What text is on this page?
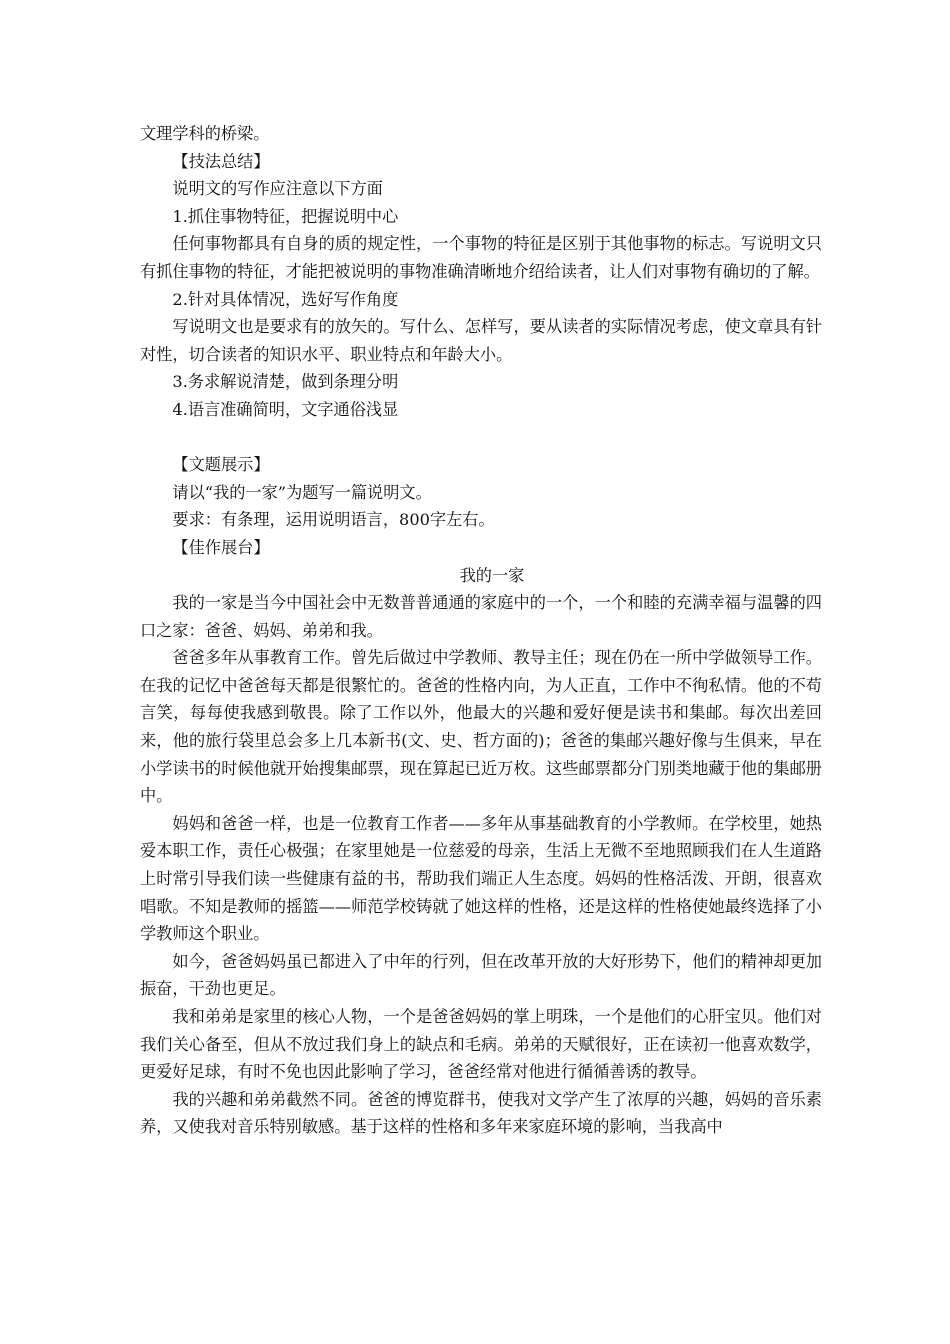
文理学科的桥梁。

【技法总结】

说明文的写作应注意以下方面

1.抓住事物特征，把握说明中心

任何事物都具有自身的质的规定性，一个事物的特征是区别于其他事物的标志。写说明文只有抓住事物的特征，才能把被说明的事物准确清晰地介绍给读者，让人们对事物有确切的了解。

2.针对具体情况，选好写作角度

写说明文也是要求有的放矢的。写什么、怎样写，要从读者的实际情况考虑，使文章具有针对性，切合读者的知识水平、职业特点和年龄大小。

3.务求解说清楚，做到条理分明

4.语言准确简明，文字通俗浅显

【文题展示】

请以“我的一家”为题写一篇说明文。

要求：有条理，运用说明语言，800字左右。

【佳作展台】

我的一家

我的一家是当今中国社会中无数普普通通的家庭中的一个，一个和睦的充满幸福与温馨的四口之家：爸爸、妈妈、弟弟和我。

爸爸多年从事教育工作。曾先后做过中学教师、教导主任；现在仍在一所中学做领导工作。在我的记忆中爸爸每天都是很繁忙的。爸爸的性格内向，为人正直，工作中不徇私情。他的不苟言笑，每每使我感到敬畏。除了工作以外，他最大的兴趣和爱好便是读书和集邮。每次出差回来，他的旅行袋里总会多上几本新书(文、史、哲方面的)；爸爸的集邮兴趣好像与生俱来，早在小学读书的时候他就开始搜集邮票，现在算起已近万枚。这些邮票都分门别类地藏于他的集邮册中。

妈妈和爸爸一样，也是一位教育工作者——多年从事基础教育的小学教师。在学校里，她热爱本职工作，责任心极强；在家里她是一位慈爱的母亲，生活上无微不至地照顾我们在人生道路上时常引导我们读一些健康有益的书，帮助我们端正人生态度。妈妈的性格活泼、开朗，很喜欢唱歌。不知是教师的摇篮——师范学校铸就了她这样的性格，还是这样的性格使她最终选择了小学教师这个职业。

如今，爸爸妈妈虽已都进入了中年的行列，但在改革开放的大好形势下，他们的精神却更加振奋，干劲也更足。

我和弟弟是家里的核心人物，一个是爸爸妈妈的掌上明珠，一个是他们的心肝宝贝。他们对我们关心备至，但从不放过我们身上的缺点和毛病。弟弟的天赋很好，正在读初一他喜欢数学，更爱好足球，有时不免也因此影响了学习，爸爸经常对他进行循循善诱的教导。

我的兴趣和弟弟截然不同。爸爸的博览群书，使我对文学产生了浓厚的兴趣，妈妈的音乐素养，又使我对音乐特别敏感。基于这样的性格和多年来家庭环境的影响，当我高中
